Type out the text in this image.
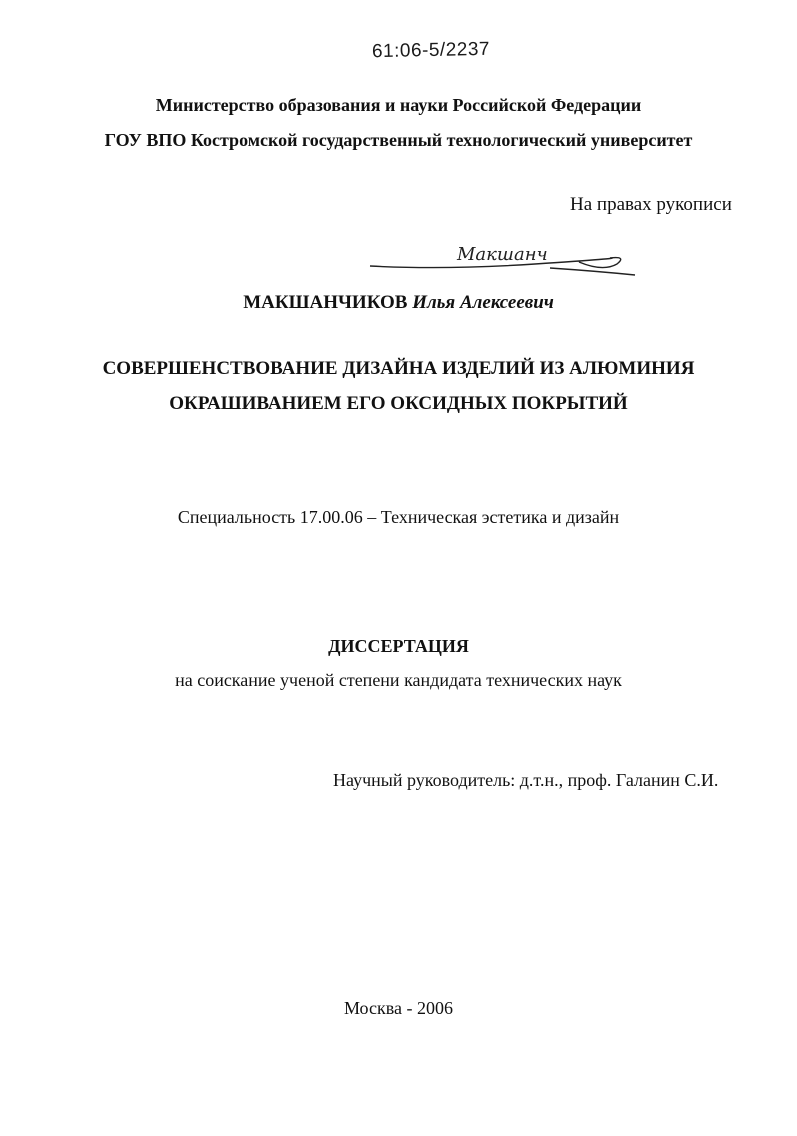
61:06-5/2237
Министерство образования и науки Российской Федерации
ГОУ ВПО Костромской государственный технологический университет
На правах рукописи
Макшанч
МАКШАНЧИКОВ Илья Алексеевич
СОВЕРШЕНСТВОВАНИЕ ДИЗАЙНА ИЗДЕЛИЙ ИЗ АЛЮМИНИЯ
ОКРАШИВАНИЕМ ЕГО ОКСИДНЫХ ПОКРЫТИЙ
Специальность 17.00.06 – Техническая эстетика и дизайн
ДИССЕРТАЦИЯ
на соискание ученой степени кандидата технических наук
Научный руководитель: д.т.н., проф. Галанин С.И.
Москва - 2006
